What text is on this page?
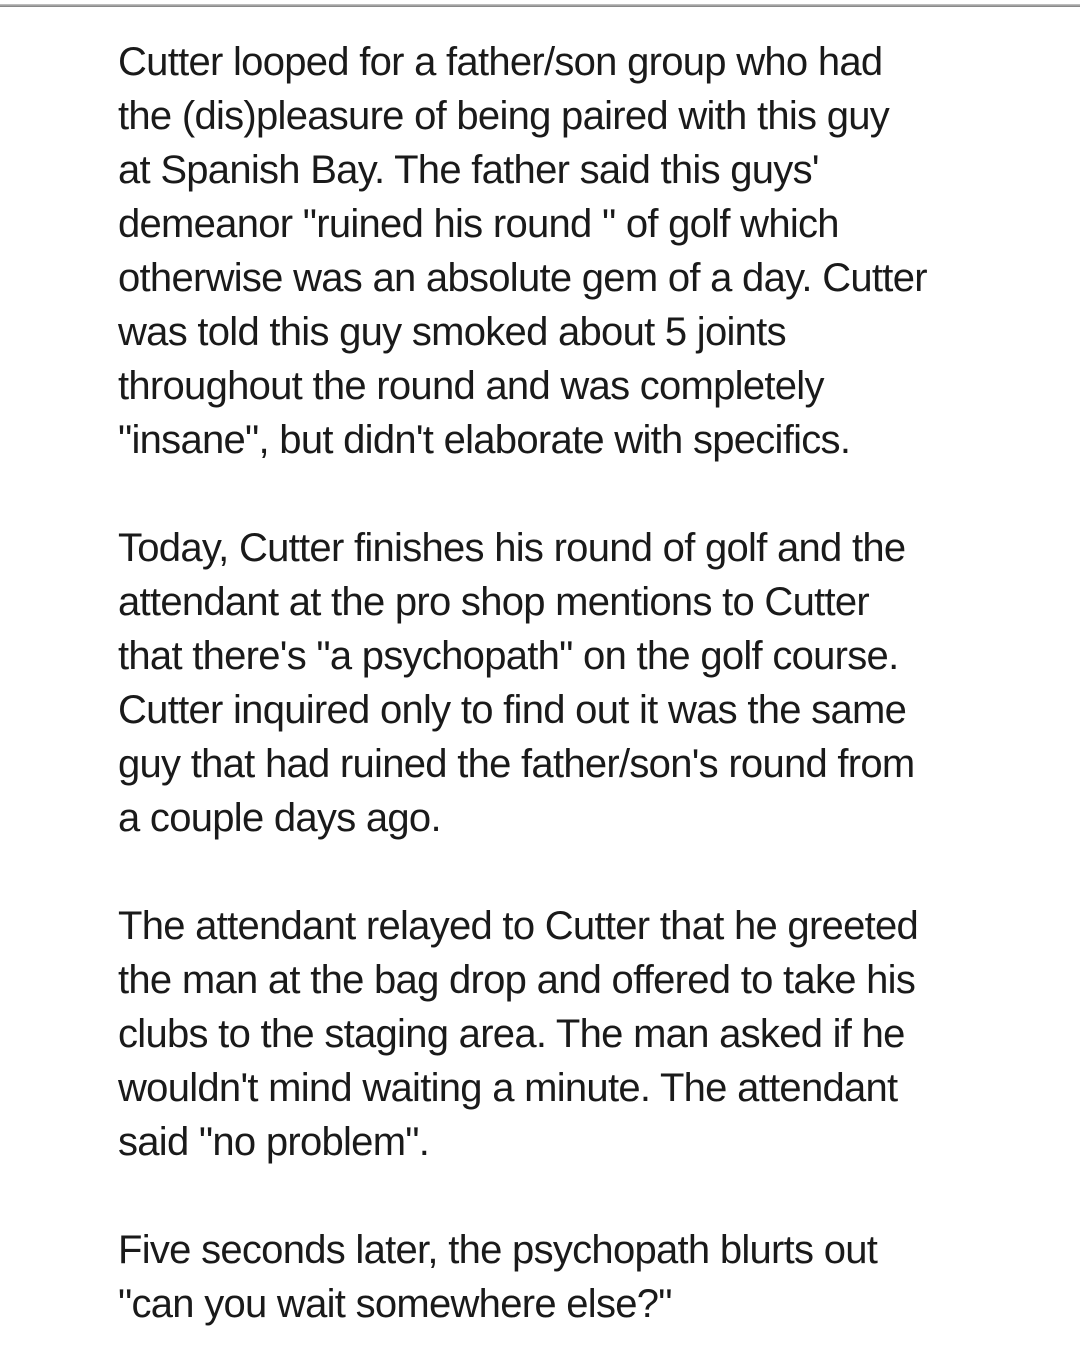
Cutter looped for a father/son group who had
the (dis)pleasure of being paired with this guy
at Spanish Bay. The father said this guys'
demeanor "ruined his round " of golf which
otherwise was an absolute gem of a day. Cutter
was told this guy smoked about 5 joints
throughout the round and was completely
"insane", but didn't elaborate with specifics.
Today, Cutter finishes his round of golf and the
attendant at the pro shop mentions to Cutter
that there's "a psychopath" on the golf course.
Cutter inquired only to find out it was the same
guy that had ruined the father/son's round from
a couple days ago.
The attendant relayed to Cutter that he greeted
the man at the bag drop and offered to take his
clubs to the staging area. The man asked if he
wouldn't mind waiting a minute. The attendant
said "no problem".
Five seconds later, the psychopath blurts out
"can you wait somewhere else?"
